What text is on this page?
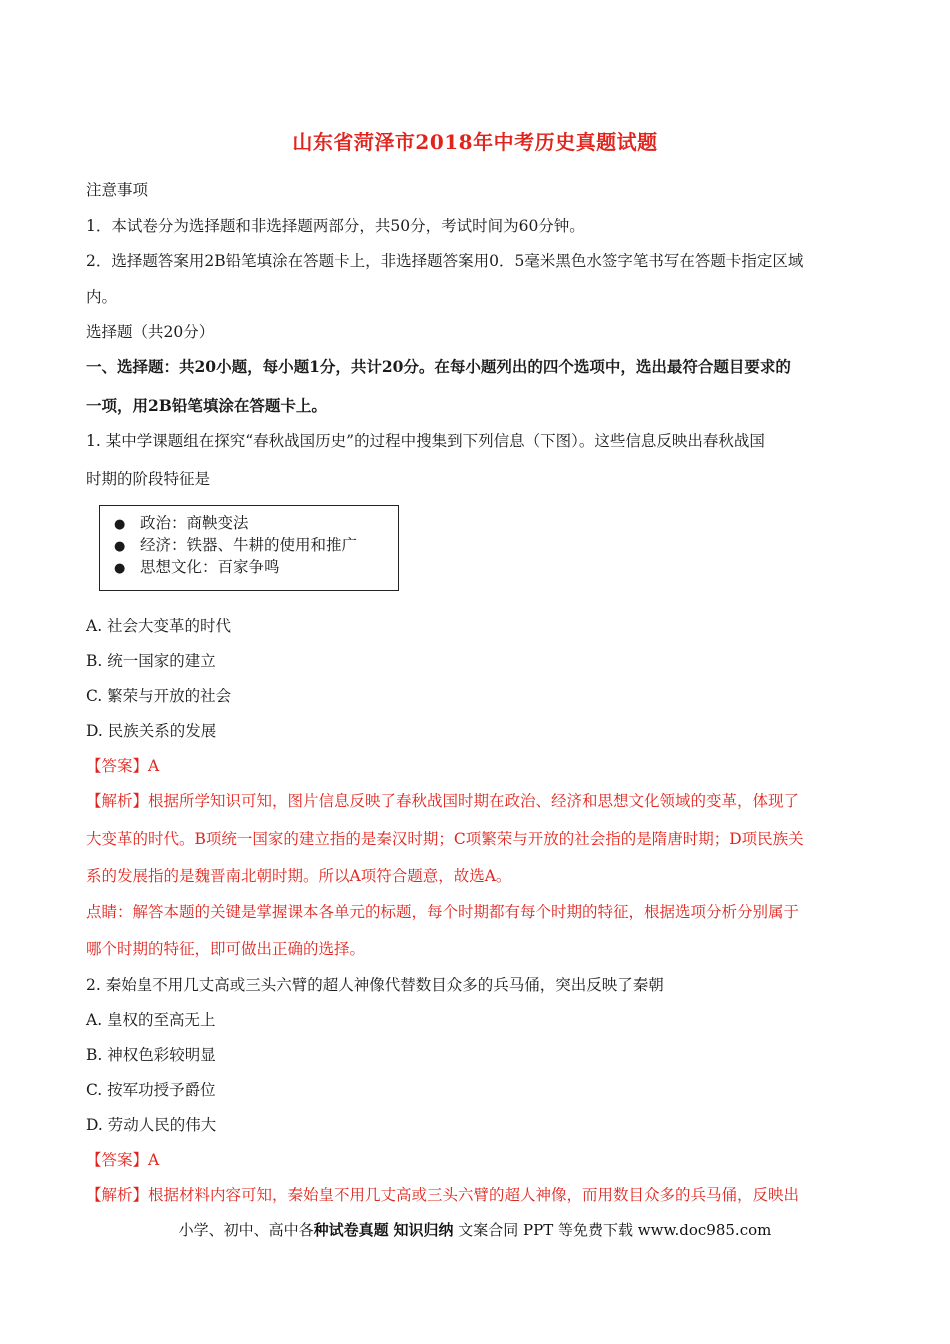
山东省菏泽市2018年中考历史真题试题
注意事项
1．本试卷分为选择题和非选择题两部分，共50分，考试时间为60分钟。
2．选择题答案用2B铅笔填涂在答题卡上，非选择题答案用0．5毫米黑色水签字笔书写在答题卡指定区域
内。
选择题（共20分）
一、选择题：共20小题，每小题1分，共计20分。在每小题列出的四个选项中，选出最符合题目要求的
一项，用2B铅笔填涂在答题卡上。
1. 某中学课题组在探究“春秋战国历史”的过程中搜集到下列信息（下图）。这些信息反映出春秋战国
时期的阶段特征是
● 政治：商鞅变法
● 经济：铁器、牛耕的使用和推广
● 思想文化：百家争鸣
A. 社会大变革的时代
B. 统一国家的建立
C. 繁荣与开放的社会
D. 民族关系的发展
【答案】A
【解析】根据所学知识可知，图片信息反映了春秋战国时期在政治、经济和思想文化领域的变革，体现了
大变革的时代。B项统一国家的建立指的是秦汉时期；C项繁荣与开放的社会指的是隋唐时期；D项民族关
系的发展指的是魏晋南北朝时期。所以A项符合题意，故选A。
点睛：解答本题的关键是掌握课本各单元的标题，每个时期都有每个时期的特征，根据选项分析分别属于
哪个时期的特征，即可做出正确的选择。
2. 秦始皇不用几丈高或三头六臂的超人神像代替数目众多的兵马俑，突出反映了秦朝
A. 皇权的至高无上
B. 神权色彩较明显
C. 按军功授予爵位
D. 劳动人民的伟大
【答案】A
【解析】根据材料内容可知，秦始皇不用几丈高或三头六臂的超人神像，而用数目众多的兵马俑，反映出
小学、初中、高中各种试卷真题 知识归纳 文案合同 PPT 等免费下载 www.doc985.com
